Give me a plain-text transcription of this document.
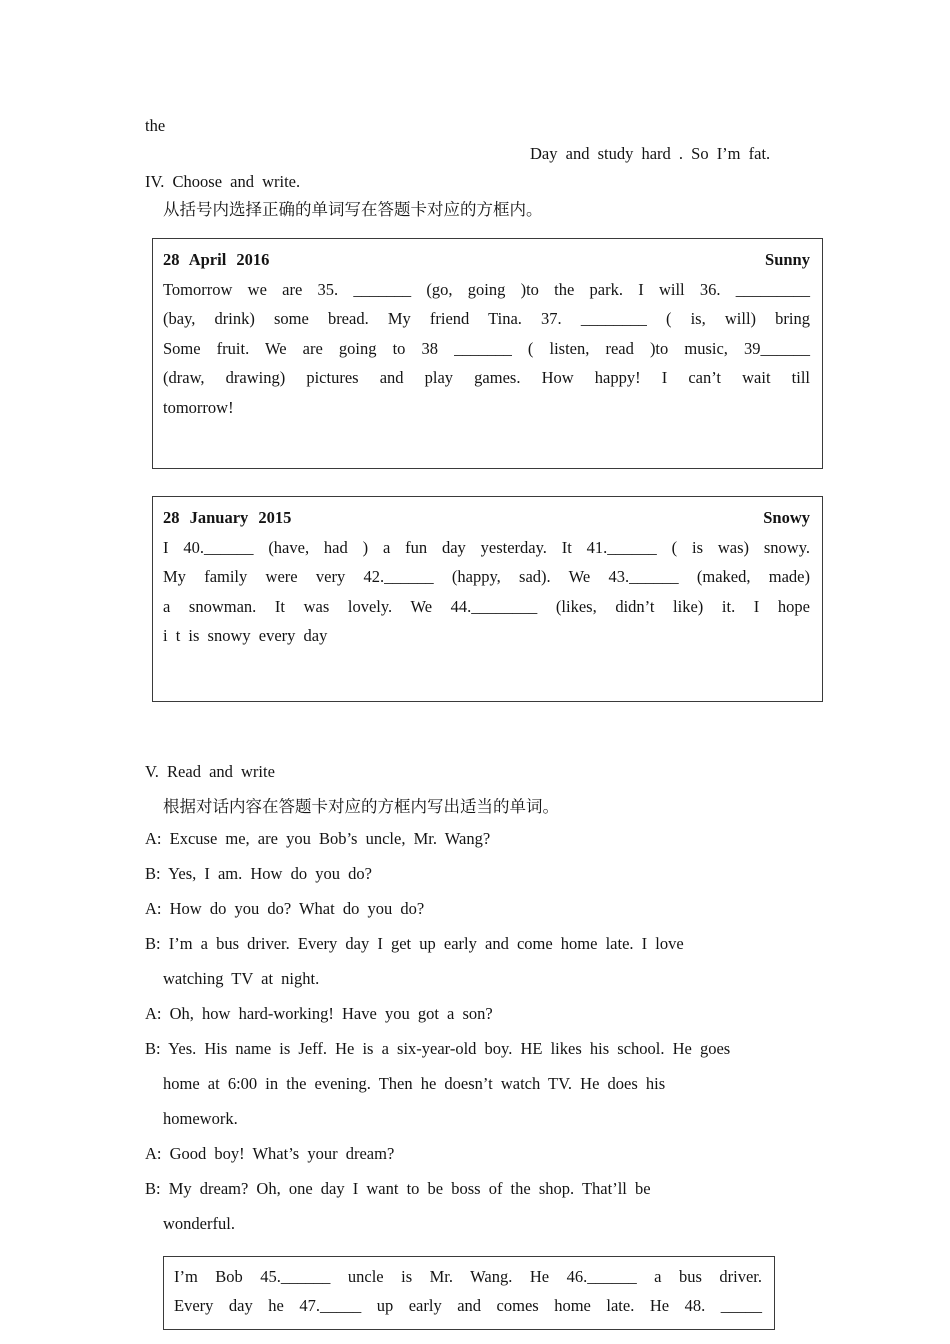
the
Day and study hard . So I’m fat.
IV. Choose and write.
从括号内选择正确的单词写在答题卡对应的方框内。
28 April 2016	Sunny
Tomorrow we are 35. _______ (go, going )to the park. I will 36. _________
(bay, drink) some bread. My friend Tina. 37. ________ ( is, will) bring
Some fruit. We are going to 38 _______ ( listen, read )to music, 39______
(draw, drawing) pictures and play games. How happy! I can’t wait till
tomorrow!
28 January 2015	Snowy
I 40.______ (have, had ) a fun day yesterday. It 41.______ ( is was) snowy.
My family were very 42.______ (happy, sad). We 43.______ (maked, made)
a snowman. It was lovely. We 44.________ (likes, didn’t like) it. I hope
i t is snowy every day
V. Read and write
根据对话内容在答题卡对应的方框内写出适当的单词。
A: Excuse me, are you Bob’s uncle, Mr. Wang?
B: Yes, I am. How do you do?
A: How do you do? What do you do?
B: I’m a bus driver. Every day I get up early and come home late. I love
watching TV at night.
A: Oh, how hard-working! Have you got a son?
B: Yes. His name is Jeff. He is a six-year-old boy. HE likes his school. He goes
home at 6:00 in the evening. Then he doesn’t watch TV. He does his
homework.
A: Good boy! What’s your dream?
B: My dream? Oh, one day I want to be boss of the shop. That’ll be
wonderful.
I’m Bob 45.______ uncle is Mr. Wang. He 46.______ a bus driver.
Every day he 47._____ up early and comes home late. He 48. _____
